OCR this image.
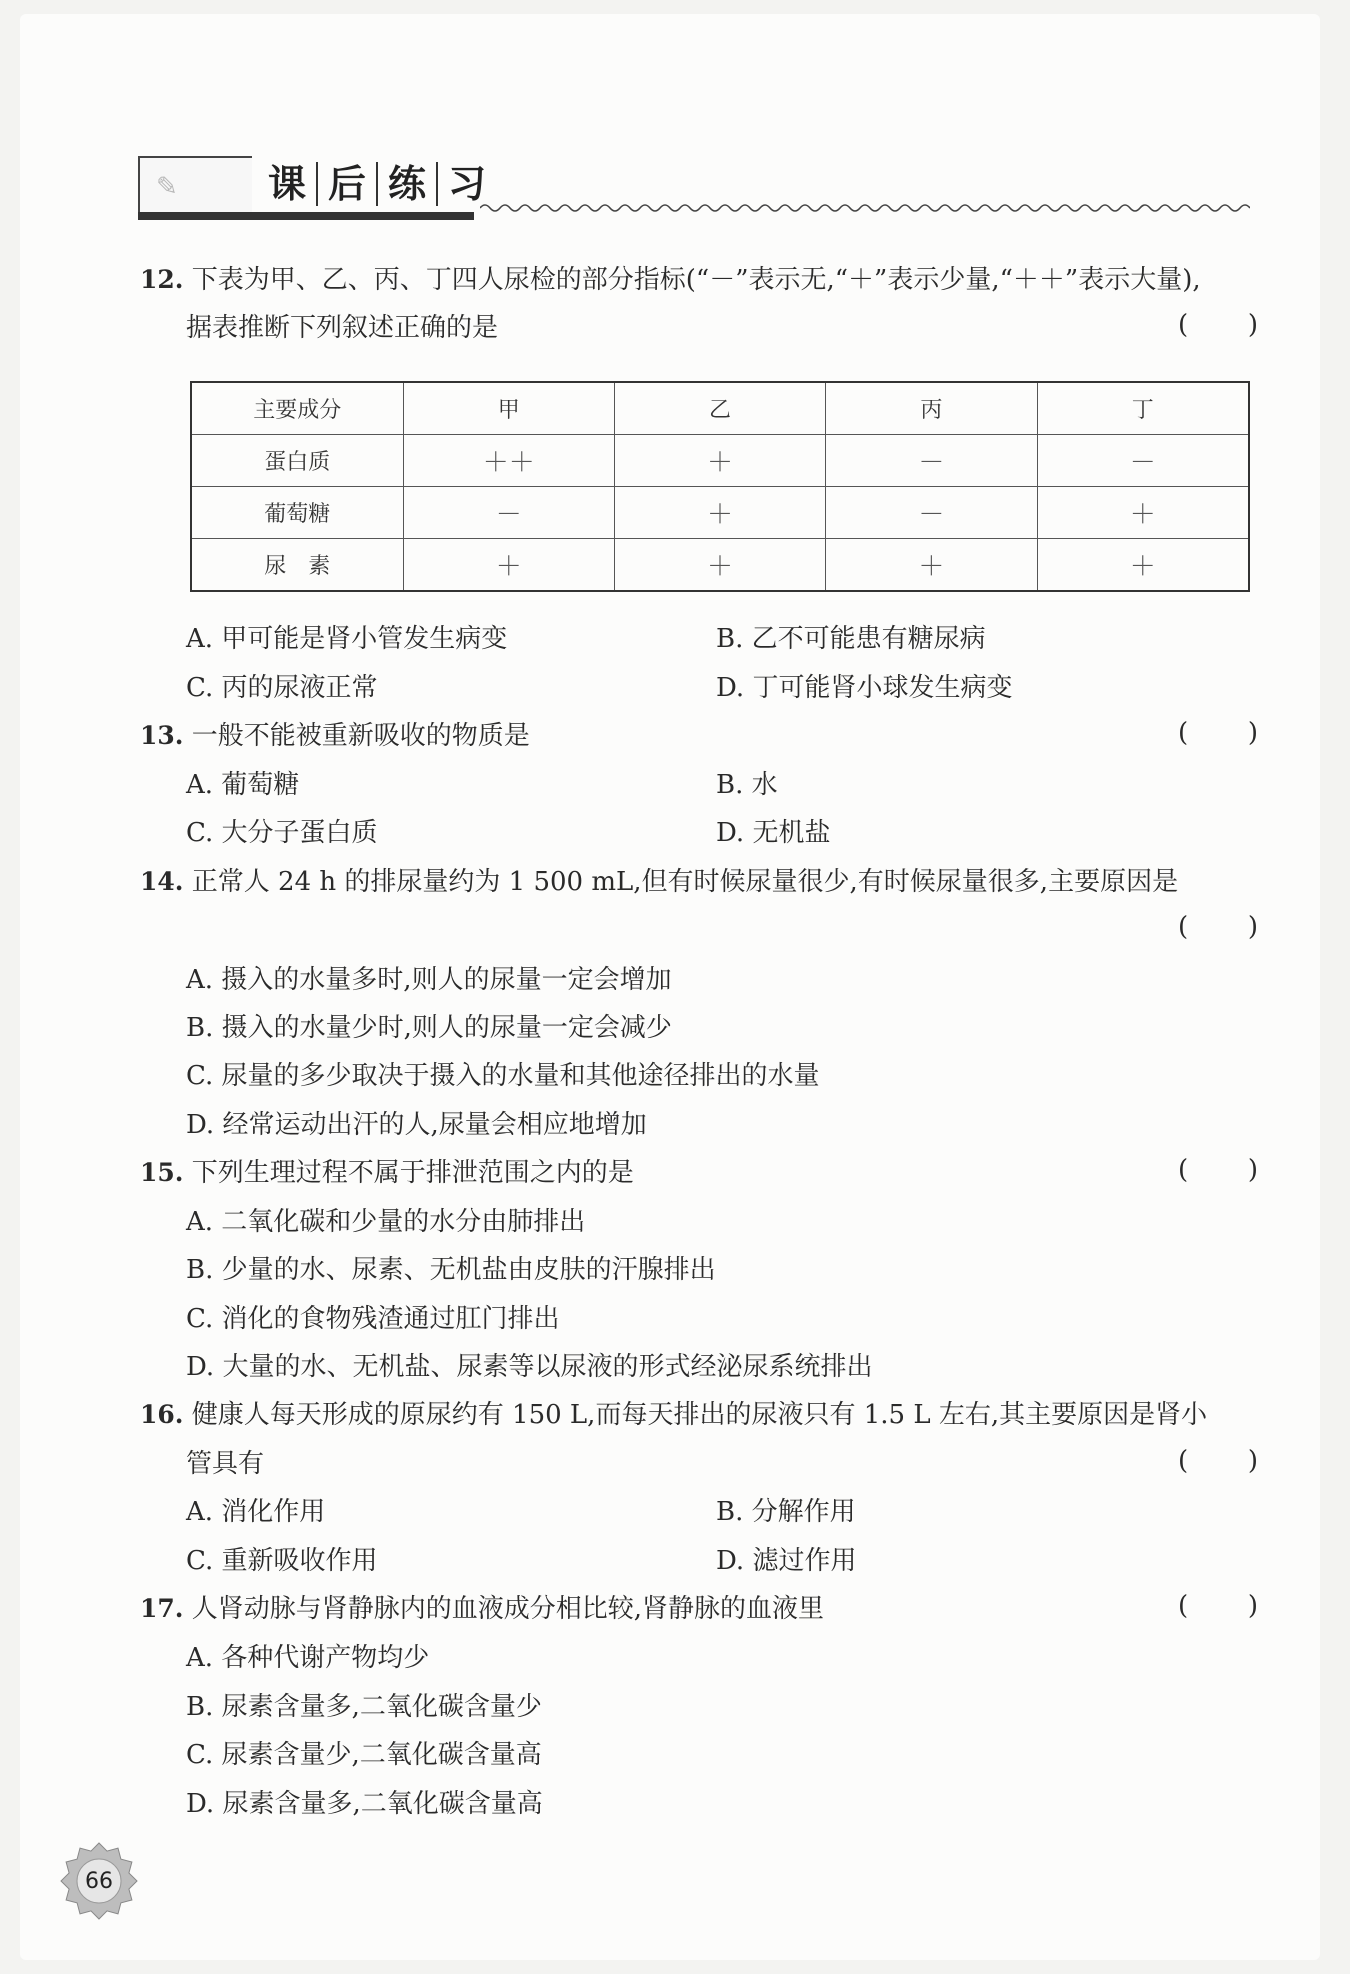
✎ 课 后 练 习
12. 下表为甲、乙、丙、丁四人尿检的部分指标(“－”表示无,“＋”表示少量,“＋＋”表示大量),
据表推断下列叙述正确的是	( )
主要成分	甲	乙	丙	丁
蛋白质	＋＋	＋	－	－
葡萄糖	－	＋	－	＋
尿　素	＋	＋	＋	＋
A. 甲可能是肾小管发生病变	B. 乙不可能患有糖尿病
C. 丙的尿液正常	D. 丁可能肾小球发生病变
13. 一般不能被重新吸收的物质是	( )
A. 葡萄糖	B. 水
C. 大分子蛋白质	D. 无机盐
14. 正常人 24 h 的排尿量约为 1 500 mL,但有时候尿量很少,有时候尿量很多,主要原因是
( )
A. 摄入的水量多时,则人的尿量一定会增加
B. 摄入的水量少时,则人的尿量一定会减少
C. 尿量的多少取决于摄入的水量和其他途径排出的水量
D. 经常运动出汗的人,尿量会相应地增加
15. 下列生理过程不属于排泄范围之内的是	( )
A. 二氧化碳和少量的水分由肺排出
B. 少量的水、尿素、无机盐由皮肤的汗腺排出
C. 消化的食物残渣通过肛门排出
D. 大量的水、无机盐、尿素等以尿液的形式经泌尿系统排出
16. 健康人每天形成的原尿约有 150 L,而每天排出的尿液只有 1.5 L 左右,其主要原因是肾小
管具有	( )
A. 消化作用	B. 分解作用
C. 重新吸收作用	D. 滤过作用
17. 人肾动脉与肾静脉内的血液成分相比较,肾静脉的血液里	( )
A. 各种代谢产物均少
B. 尿素含量多,二氧化碳含量少
C. 尿素含量少,二氧化碳含量高
D. 尿素含量多,二氧化碳含量高
66
